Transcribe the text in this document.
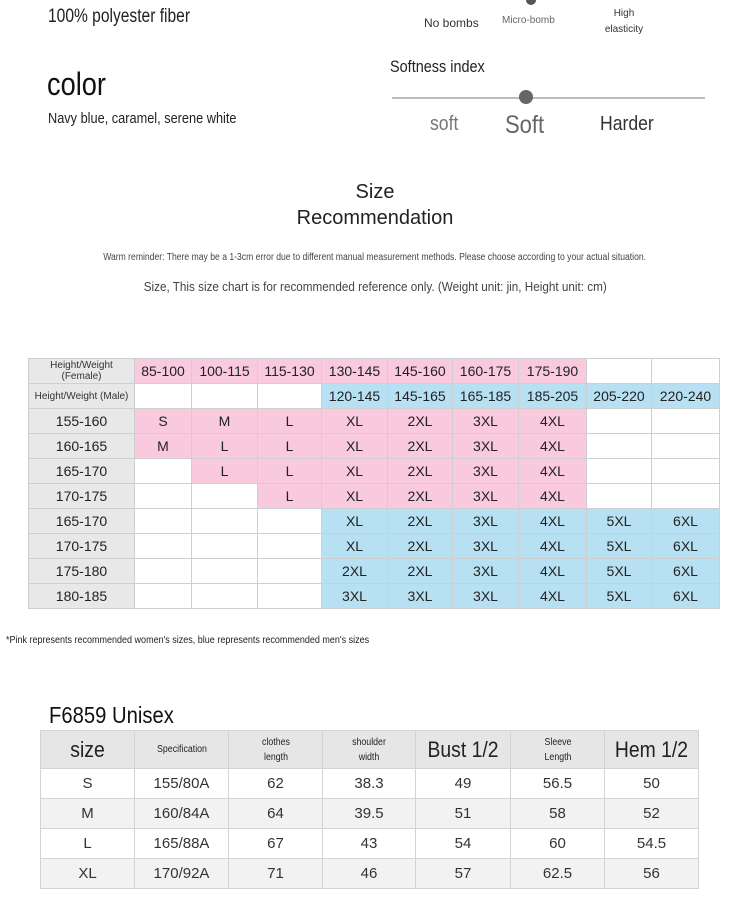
100% polyester fiber
color
Navy blue, caramel, serene white
No bombs Micro-bomb
High elasticity
Softness index
soft Soft	Harder
Size
Recommendation
Warm reminder: There may be a 1-3cm error due to different manual measurement methods. Please choose according to your actual situation.
Size, This size chart is for recommended reference only. (Weight unit: jin, Height unit: cm)
Height/Weight (Female)	85-100	100-115	115-130	130-145	145-160	160-175	175-190		
Height/Weight (Male)				120-145	145-165	165-185	185-205	205-220	220-240
155-160	S	M	L	XL	2XL	3XL	4XL		
160-165	M	L	L	XL	2XL	3XL	4XL		
165-170		L	L	XL	2XL	3XL	4XL		
170-175			L	XL	2XL	3XL	4XL		
165-170				XL	2XL	3XL	4XL	5XL	6XL
170-175				XL	2XL	3XL	4XL	5XL	6XL
175-180				2XL	2XL	3XL	4XL	5XL	6XL
180-185				3XL	3XL	3XL	4XL	5XL	6XL
*Pink represents recommended women's sizes, blue represents recommended men's sizes
F6859 Unisex
size	Specification	clothes length	shoulder width	Bust 1/2	Sleeve Length	Hem 1/2

S	155/80A	62	38.3	49	56.5	50
M	160/84A	64	39.5	51	58	52
L	165/88A	67	43	54	60	54.5
XL	170/92A	71	46	57	62.5	56
